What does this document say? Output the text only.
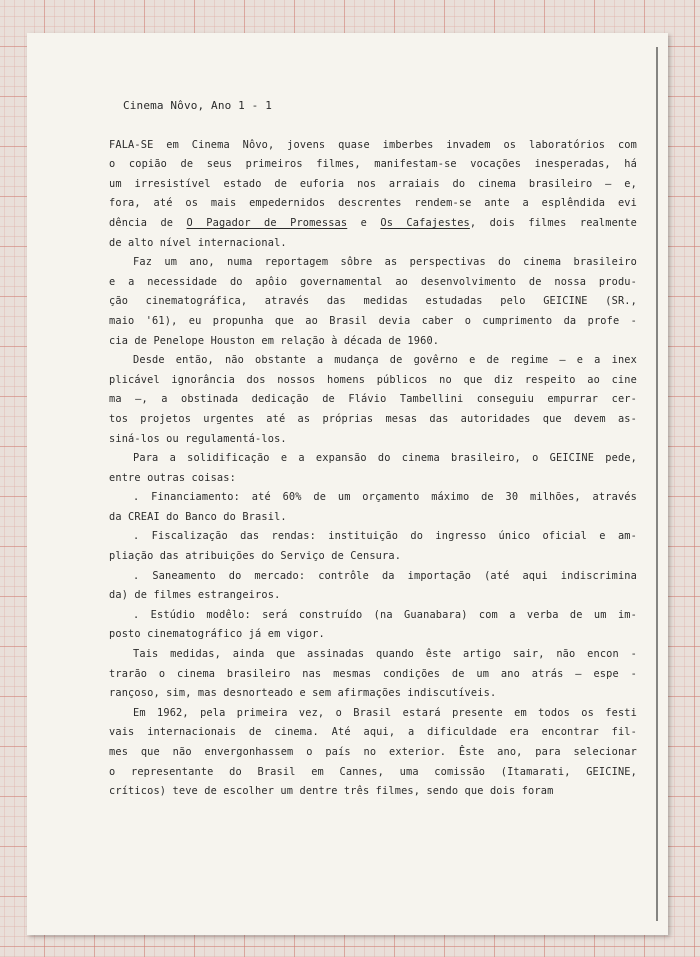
Cinema Nôvo, Ano 1 - 1

FALA-SE em Cinema Nôvo, jovens quase imberbes invadem os laboratórios com
o copião de seus primeiros filmes, manifestam-se vocações inesperadas, há
um irresistível estado de euforia nos arraiais do cinema brasileiro — e,
fora, até os mais empedernidos descrentes rendem-se ante a esplêndida evi
dência de O Pagador de Promessas e Os Cafajestes, dois filmes realmente
de alto nível internacional.

Faz um ano, numa reportagem sôbre as perspectivas do cinema brasileiro
e a necessidade do apôio governamental ao desenvolvimento de nossa produ-
ção cinematográfica, através das medidas estudadas pelo GEICINE (SR.,
maio '61), eu propunha que ao Brasil devia caber o cumprimento da profe -
cia de Penelope Houston em relação à década de 1960.

Desde então, não obstante a mudança de govêrno e de regime — e a inex
plicável ignorância dos nossos homens públicos no que diz respeito ao cine
ma —, a obstinada dedicação de Flávio Tambellini conseguiu empurrar cer-
tos projetos urgentes até as próprias mesas das autoridades que devem as-
siná-los ou regulamentá-los.

Para a solidificação e a expansão do cinema brasileiro, o GEICINE pede,
entre outras coisas:

. Financiamento: até 60% de um orçamento máximo de 30 milhões, através
da CREAI do Banco do Brasil.

. Fiscalização das rendas: instituição do ingresso único oficial e am-
pliação das atribuições do Serviço de Censura.

. Saneamento do mercado: contrôle da importação (até aqui indiscrimina
da) de filmes estrangeiros.

. Estúdio modêlo: será construído (na Guanabara) com a verba de um im-
posto cinematográfico já em vigor.

Tais medidas, ainda que assinadas quando êste artigo sair, não encon -
trarão o cinema brasileiro nas mesmas condições de um ano atrás — espe -
rançoso, sim, mas desnorteado e sem afirmações indiscutíveis.

Em 1962, pela primeira vez, o Brasil estará presente em todos os festi
vais internacionais de cinema. Até aqui, a dificuldade era encontrar fil-
mes que não envergonhassem o país no exterior. Êste ano, para selecionar
o representante do Brasil em Cannes, uma comissão (Itamarati, GEICINE,
críticos) teve de escolher um dentre três filmes, sendo que dois foram
